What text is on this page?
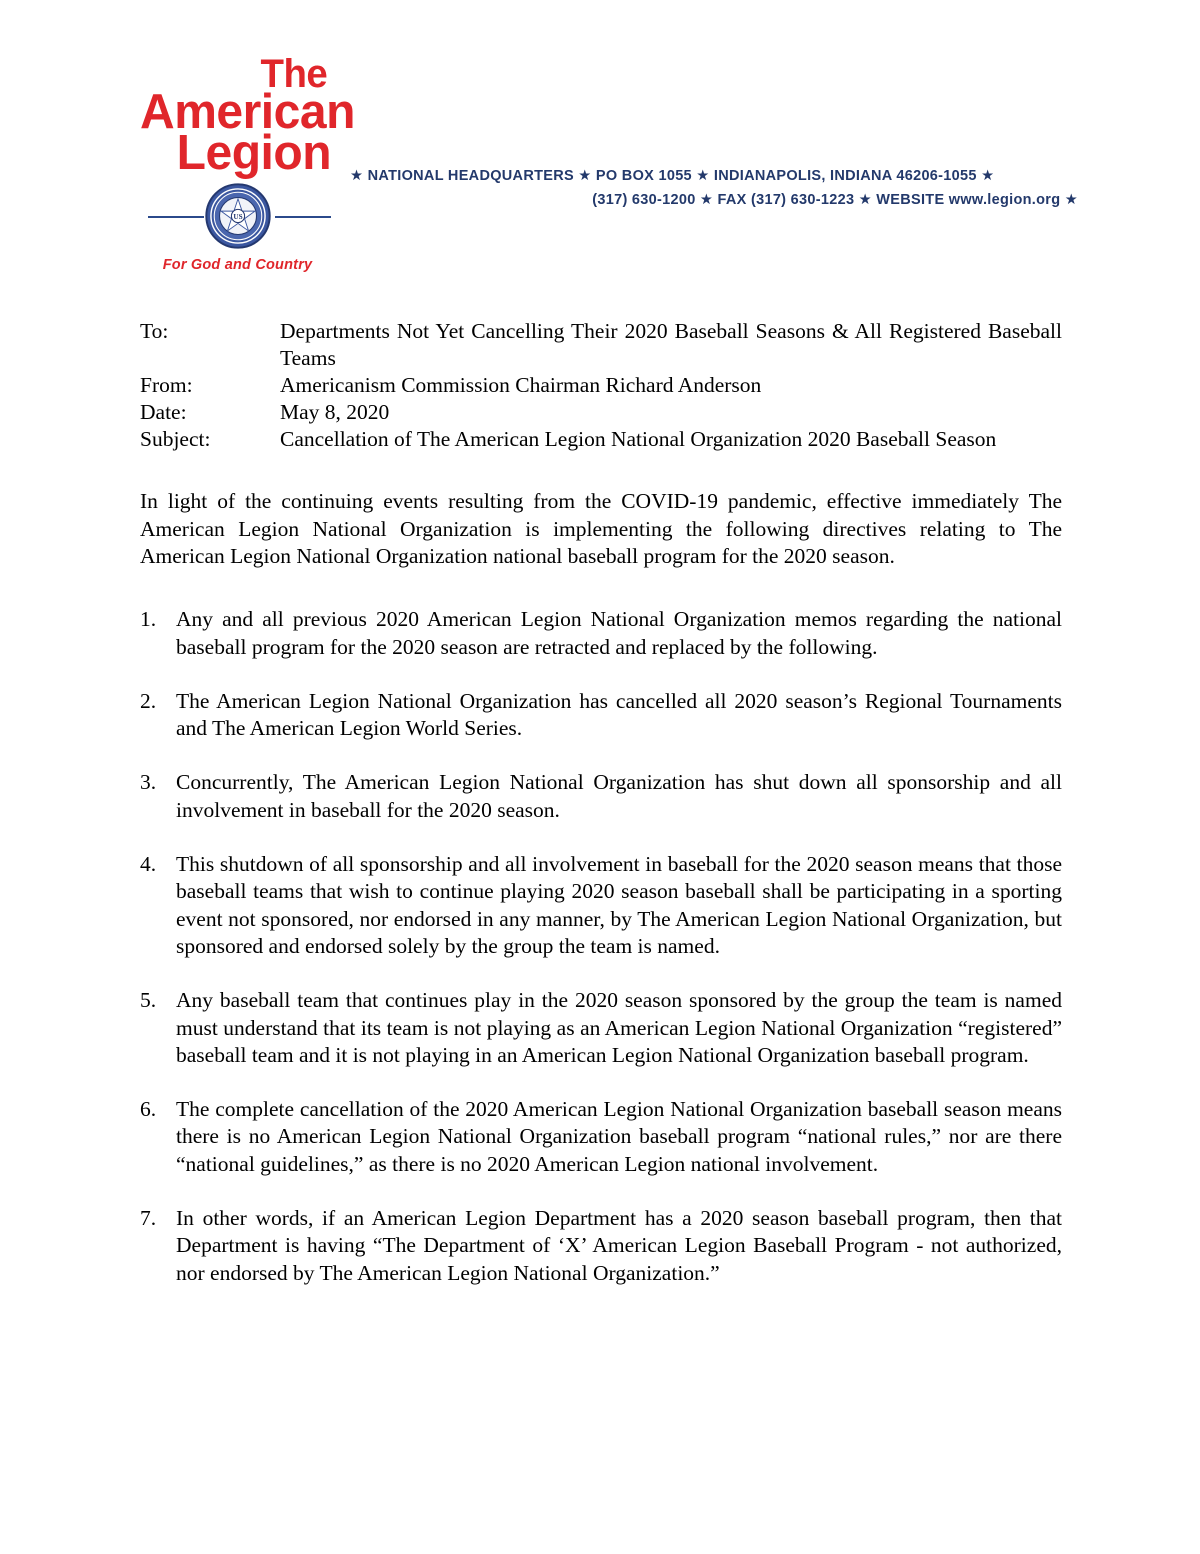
The
American
Legion
US
For God and Country
★ NATIONAL HEADQUARTERS ★ PO BOX 1055 ★ INDIANAPOLIS, INDIANA 46206-1055 ★
(317) 630-1200 ★ FAX (317) 630-1223 ★ WEBSITE www.legion.org ★
To:	Departments Not Yet Cancelling Their 2020 Baseball Seasons & All Registered Baseball Teams
From:	Americanism Commission Chairman Richard Anderson
Date:	May 8, 2020
Subject:	Cancellation of The American Legion National Organization 2020 Baseball Season

In light of the continuing events resulting from the COVID-19 pandemic, effective immediately The American Legion National Organization is implementing the following directives relating to The American Legion National Organization national baseball program for the 2020 season.

1. Any and all previous 2020 American Legion National Organization memos regarding the national baseball program for the 2020 season are retracted and replaced by the following.
2. The American Legion National Organization has cancelled all 2020 season’s Regional Tournaments and The American Legion World Series.
3. Concurrently, The American Legion National Organization has shut down all sponsorship and all involvement in baseball for the 2020 season.
4. This shutdown of all sponsorship and all involvement in baseball for the 2020 season means that those baseball teams that wish to continue playing 2020 season baseball shall be participating in a sporting event not sponsored, nor endorsed in any manner, by The American Legion National Organization, but sponsored and endorsed solely by the group the team is named.
5. Any baseball team that continues play in the 2020 season sponsored by the group the team is named must understand that its team is not playing as an American Legion National Organization “registered” baseball team and it is not playing in an American Legion National Organization baseball program.
6. The complete cancellation of the 2020 American Legion National Organization baseball season means there is no American Legion National Organization baseball program “national rules,” nor are there “national guidelines,” as there is no 2020 American Legion national involvement.
7. In other words, if an American Legion Department has a 2020 season baseball program, then that Department is having “The Department of ‘X’ American Legion Baseball Program - not authorized, nor endorsed by The American Legion National Organization.”
